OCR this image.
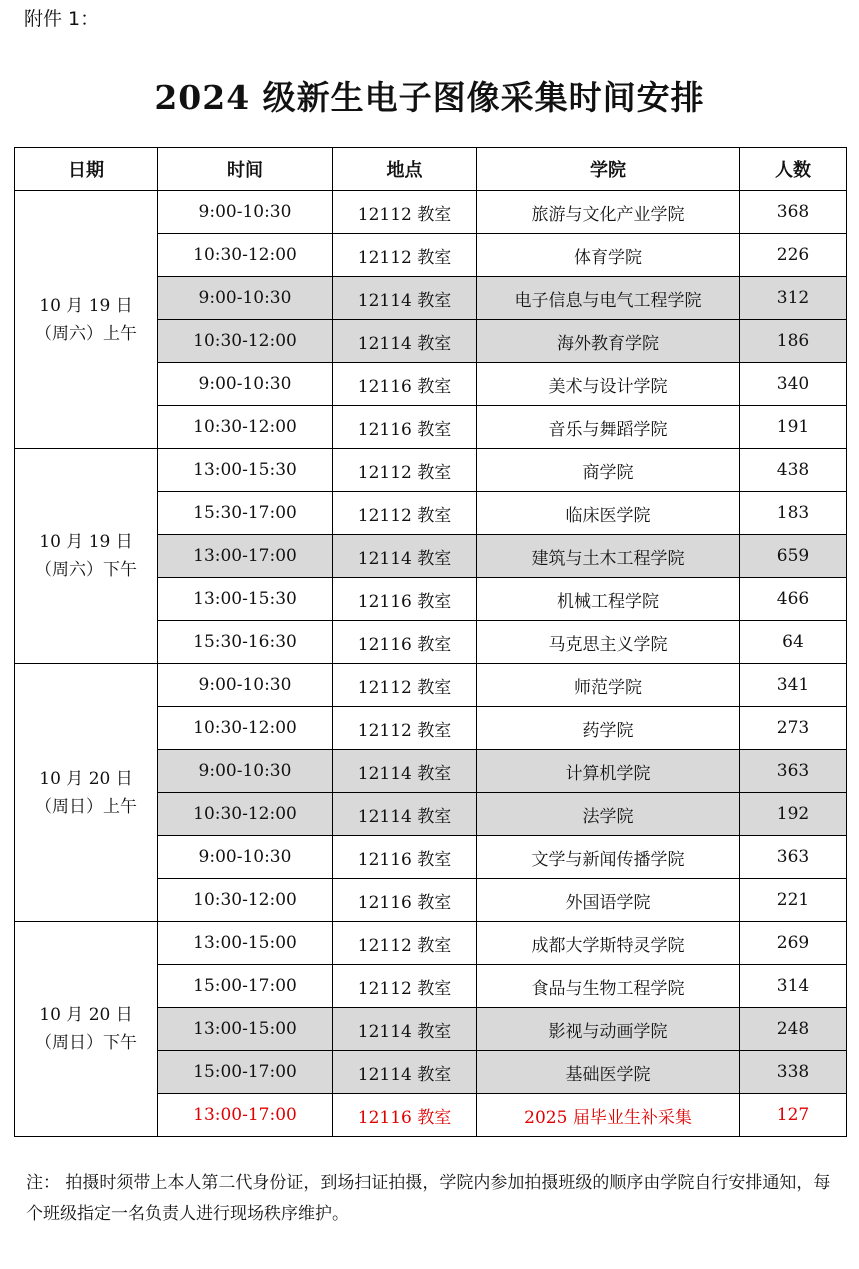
附件 1：
2024 级新生电子图像采集时间安排
日期	时间	地点	学院	人数

10 月 19 日
（周六）上午	9:00-10:30	12112 教室	旅游与文化产业学院	368
	10:30-12:00	12112 教室	体育学院	226
	9:00-10:30	12114 教室	电子信息与电气工程学院	312
	10:30-12:00	12114 教室	海外教育学院	186
	9:00-10:30	12116 教室	美术与设计学院	340
	10:30-12:00	12116 教室	音乐与舞蹈学院	191

10 月 19 日
（周六）下午	13:00-15:30	12112 教室	商学院	438
	15:30-17:00	12112 教室	临床医学院	183
	13:00-17:00	12114 教室	建筑与土木工程学院	659
	13:00-15:30	12116 教室	机械工程学院	466
	15:30-16:30	12116 教室	马克思主义学院	64

10 月 20 日
（周日）上午	9:00-10:30	12112 教室	师范学院	341
	10:30-12:00	12112 教室	药学院	273
	9:00-10:30	12114 教室	计算机学院	363
	10:30-12:00	12114 教室	法学院	192
	9:00-10:30	12116 教室	文学与新闻传播学院	363
	10:30-12:00	12116 教室	外国语学院	221

10 月 20 日
（周日）下午	13:00-15:00	12112 教室	成都大学斯特灵学院	269
	15:00-17:00	12112 教室	食品与生物工程学院	314
	13:00-15:00	12114 教室	影视与动画学院	248
	15:00-17:00	12114 教室	基础医学院	338
	13:00-17:00	12116 教室	2025 届毕业生补采集	127
注： 拍摄时须带上本人第二代身份证，到场扫证拍摄，学院内参加拍摄班级的顺序由学院自行安排通知，每个班级指定一名负责人进行现场秩序维护。
